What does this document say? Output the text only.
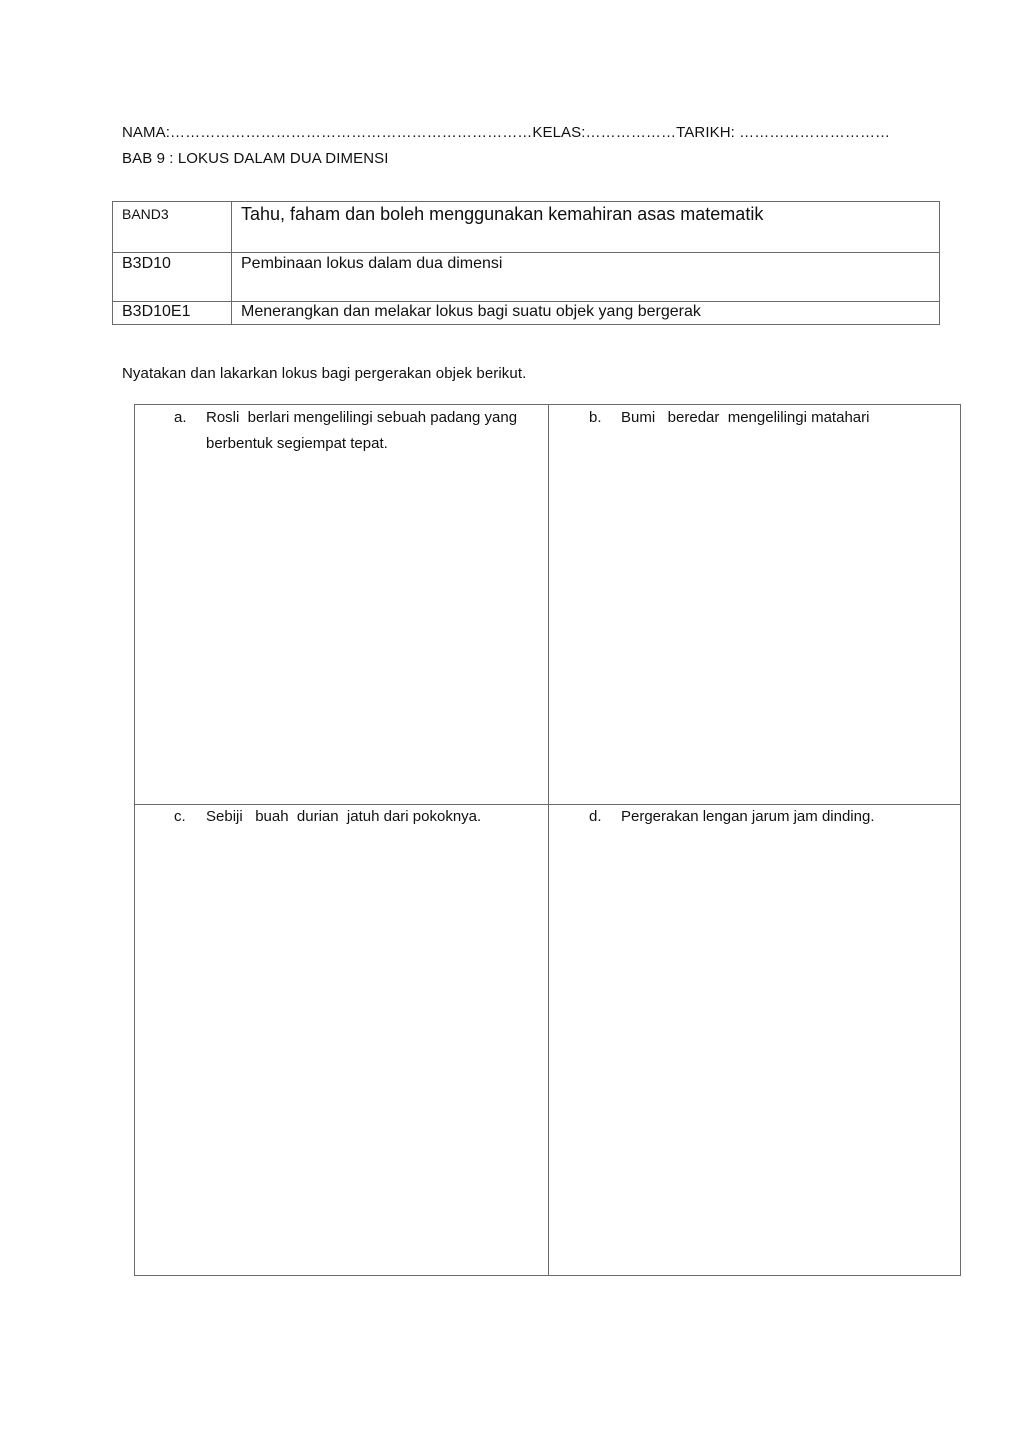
NAMA:………………………………………………………………KELAS:………………TARIKH: …………………………
BAB 9 : LOKUS DALAM DUA DIMENSI
BAND3	Tahu, faham dan boleh menggunakan kemahiran asas matematik
B3D10	Pembinaan lokus dalam dua dimensi
B3D10E1	Menerangkan dan melakar lokus bagi suatu objek yang bergerak
Nyatakan dan lakarkan lokus bagi pergerakan objek berikut.
a. Rosli  berlari mengelilingi sebuah padang yang berbentuk segiempat tepat.
b. Bumi   beredar  mengelilingi matahari
c. Sebiji   buah  durian  jatuh dari pokoknya.	d. Pergerakan lengan jarum jam dinding.
